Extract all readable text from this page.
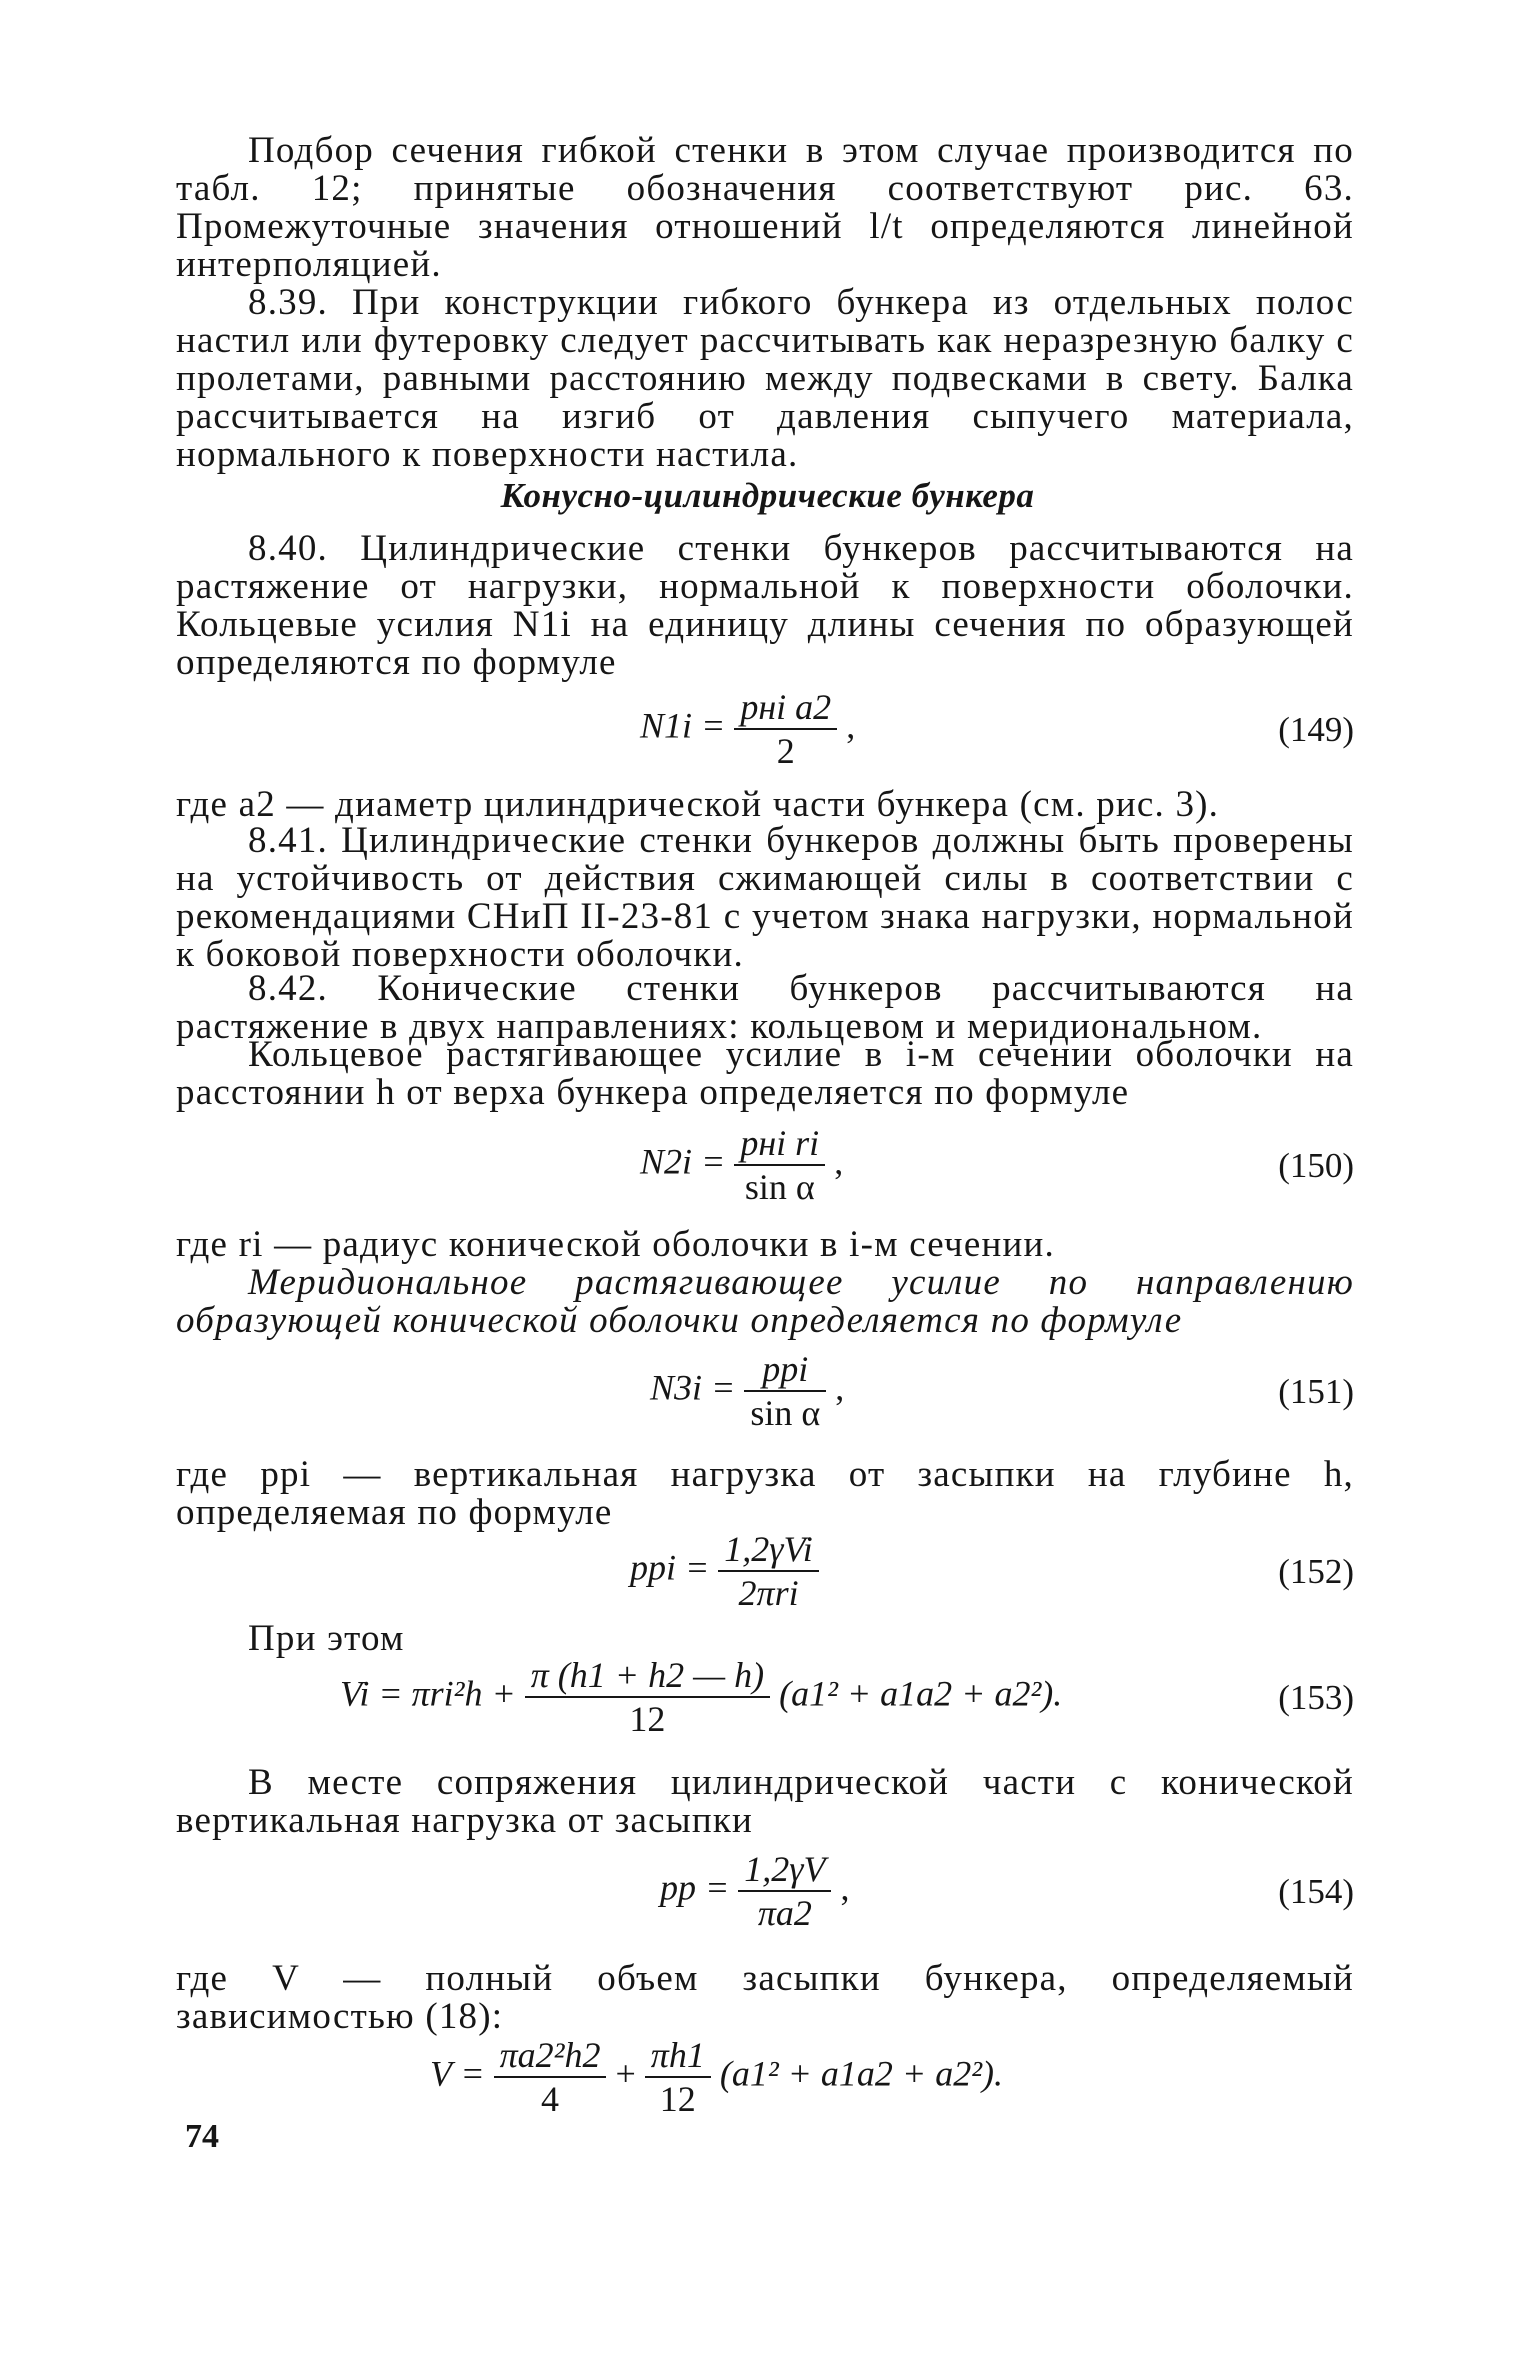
Подбор сечения гибкой стенки в этом случае производится по табл. 12; принятые обозначения соответствуют рис. 63. Промежуточные значения отношений l/t определяются линейной интерполяцией.

8.39. При конструкции гибкого бункера из отдельных полос настил или футеровку следует рассчитывать как неразрезную балку с пролетами, равными расстоянию между подвесками в свету. Балка рассчитывается на изгиб от давления сыпучего материала, нормального к поверхности настила.

Конусно-цилиндрические бункера

8.40. Цилиндрические стенки бункеров рассчитываются на растяжение от нагрузки, нормальной к поверхности оболочки. Кольцевые усилия N1i на единицу длины сечения по образующей определяются по формуле

$N1i = \frac{\text{pнi a2}}{2}$ ,	(149)

где a2 — диаметр цилиндрической части бункера (см. рис. 3).

8.41. Цилиндрические стенки бункеров должны быть проверены на устойчивость от действия сжимающей силы в соответствии с рекомендациями СНиП II-23-81 с учетом знака нагрузки, нормальной к боковой поверхности оболочки.

8.42. Конические стенки бункеров рассчитываются на растяжение в двух направлениях: кольцевом и меридиональном.

Кольцевое растягивающее усилие в i-м сечении оболочки на расстоянии h от верха бункера определяется по формуле

$N2i = \frac{\text{pнi ri}}{\text{sin α}}$ ,	(150)

где ri — радиус конической оболочки в i-м сечении.

Меридиональное растягивающее усилие по направлению образующей конической оболочки определяется по формуле

$N3i = \frac{\text{pрi}}{\text{sin α}}$ ,	(151)

где pрi — вертикальная нагрузка от засыпки на глубине h, определяемая по формуле

pрi = $\frac{\text{1,2γVi}}{\text{2πri}}$	(152)

При этом

$Vi = \pi ri^2h + \frac{\pi (h1 + h2 — h)}{12} (a1^2 + a1a2 + a2^2)$.	(153)

В месте сопряжения цилиндрической части с конической вертикальная нагрузка от засыпки

pр = $\frac{1,2\gamma V}{\pi a2}$ ,	(154)

где V — полный объем засыпки бункера, определяемый зависимостью (18):

$V = \frac{\text{πa2²h2}}{4} + \frac{\pi h1}{12} (a1^2 + a1a2 + a2^2)$.
74
